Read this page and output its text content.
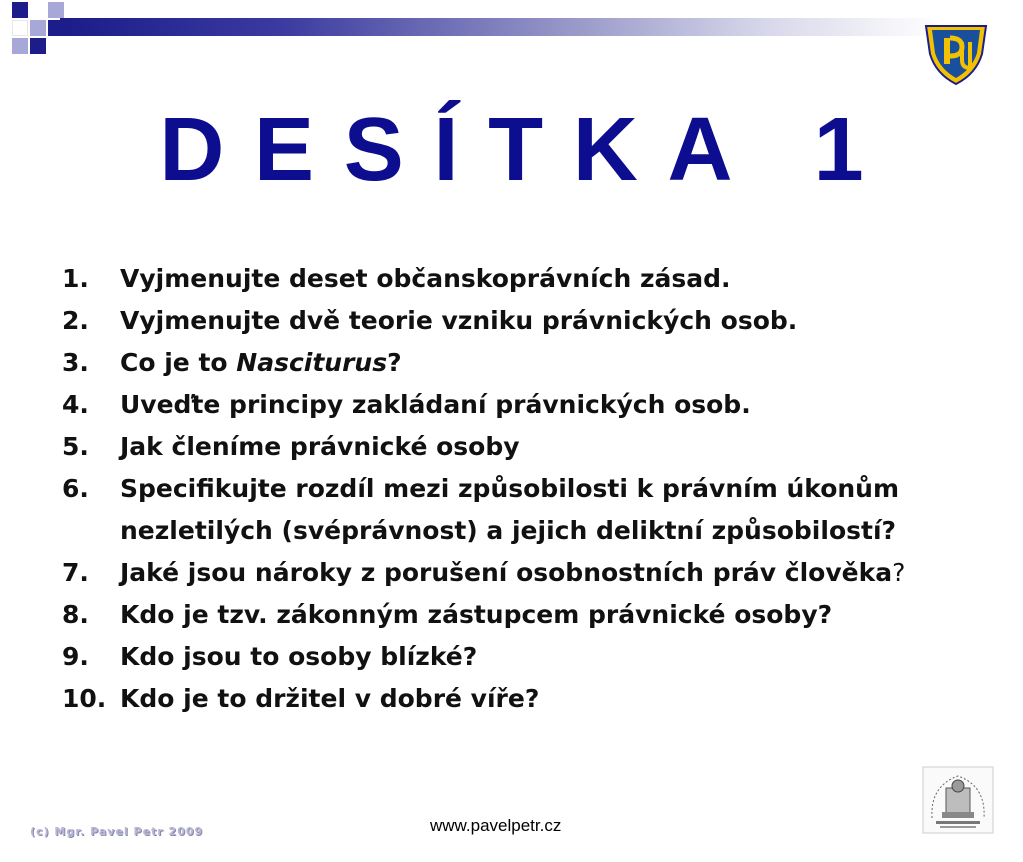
DESÍTKA 1
1.	Vyjmenujte deset občanskoprávních zásad.
2.	Vyjmenujte dvě teorie vzniku právnických osob.
3.	Co je to Nasciturus?
4.	Uveďte principy zakládaní právnických osob.
5.	Jak členíme právnické osoby
6.	Specifikujte rozdíl mezi způsobilosti k právním úkonům nezletilých (svéprávnost) a jejich deliktní způsobilostí?
7.	Jaké jsou nároky z porušení osobnostních práv člověka?
8.	Kdo je tzv. zákonným zástupcem právnické osoby?
9.	Kdo jsou to osoby blízké?
10. Kdo je to držitel v dobré víře?
(c) Mgr. Pavel Petr 2009	www.pavelpetr.cz
